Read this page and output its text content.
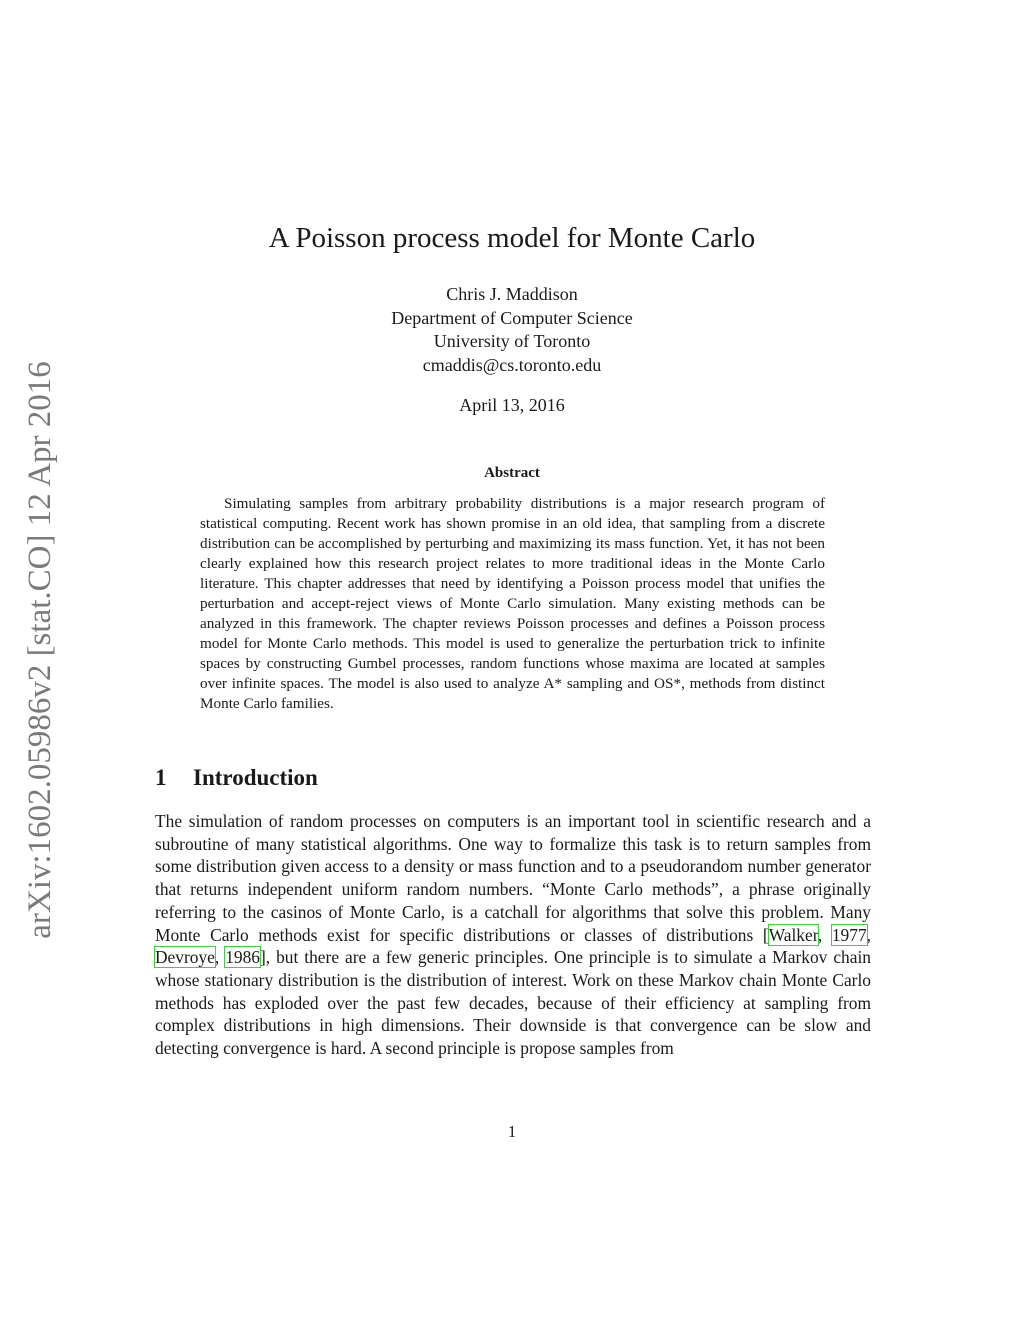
arXiv:1602.05986v2 [stat.CO] 12 Apr 2016
A Poisson process model for Monte Carlo
Chris J. Maddison
Department of Computer Science
University of Toronto
cmaddis@cs.toronto.edu
April 13, 2016
Abstract

Simulating samples from arbitrary probability distributions is a major research program of statistical computing. Recent work has shown promise in an old idea, that sampling from a discrete distribution can be accomplished by perturbing and maximizing its mass function. Yet, it has not been clearly explained how this research project relates to more traditional ideas in the Monte Carlo literature. This chapter addresses that need by identifying a Poisson process model that unifies the perturbation and accept-reject views of Monte Carlo simulation. Many existing methods can be analyzed in this framework. The chapter reviews Poisson processes and defines a Poisson process model for Monte Carlo methods. This model is used to generalize the perturbation trick to infinite spaces by constructing Gumbel processes, random functions whose maxima are located at samples over infinite spaces. The model is also used to analyze A* sampling and OS*, methods from distinct Monte Carlo families.

1 Introduction

The simulation of random processes on computers is an important tool in scientific research and a subroutine of many statistical algorithms. One way to formalize this task is to return samples from some distribution given access to a density or mass function and to a pseudorandom number generator that returns independent uniform random numbers. “Monte Carlo methods”, a phrase originally referring to the casinos of Monte Carlo, is a catchall for algorithms that solve this problem. Many Monte Carlo methods exist for specific distributions or classes of distributions [Walker, 1977, Devroye, 1986], but there are a few generic principles. One principle is to simulate a Markov chain whose stationary distribution is the distribution of interest. Work on these Markov chain Monte Carlo methods has exploded over the past few decades, because of their efficiency at sampling from complex distributions in high dimensions. Their downside is that convergence can be slow and detecting convergence is hard. A second principle is propose samples from

1
